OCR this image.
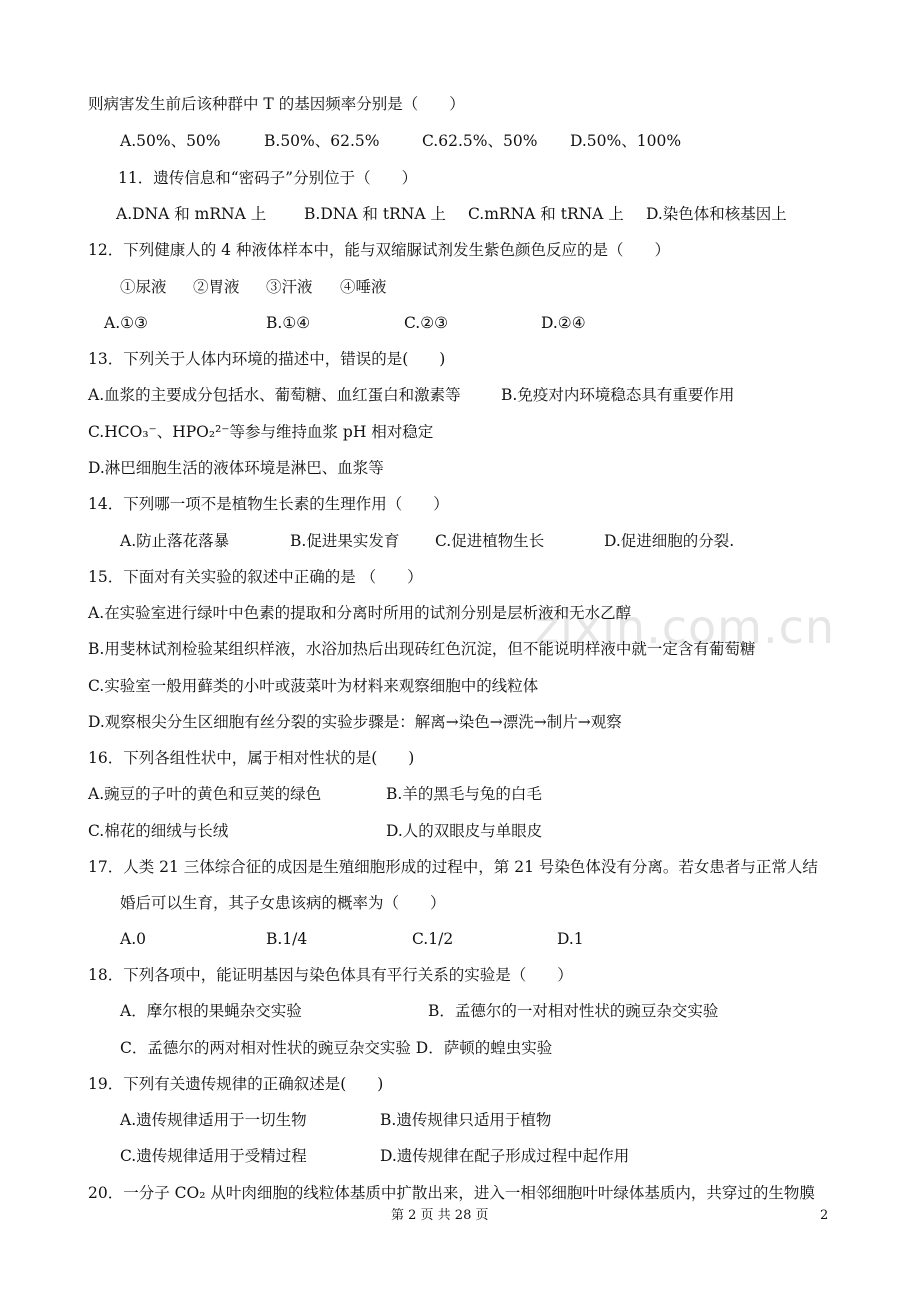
zixin.com.cn
则病害发生前后该种群中 T 的基因频率分别是（　　）
A.50%、50%	B.50%、62.5%	C.62.5%、50% D.50%、100%
11．遗传信息和“密码子”分别位于（　　）
A.DNA 和 mRNA 上 B.DNA 和 tRNA 上 C.mRNA 和 tRNA 上 D.染色体和核基因上
12．下列健康人的 4 种液体样本中，能与双缩脲试剂发生紫色颜色反应的是（　　）
①尿液 ②胃液 ③汗液 ④唾液
A.①③	B.①④	C.②③	D.②④
13．下列关于人体内环境的描述中，错误的是(　　)
A.血浆的主要成分包括水、葡萄糖、血红蛋白和激素等	B.免疫对内环境稳态具有重要作用
C.HCO₃⁻、HPO₂²⁻等参与维持血浆 pH 相对稳定
D.淋巴细胞生活的液体环境是淋巴、血浆等
14．下列哪一项不是植物生长素的生理作用（　　）
A.防止落花落暴	B.促进果实发育 C.促进植物生长	D.促进细胞的分裂.
15．下面对有关实验的叙述中正确的是 （　　）
A.在实验室进行绿叶中色素的提取和分离时所用的试剂分别是层析液和无水乙醇
B.用斐林试剂检验某组织样液，水浴加热后出现砖红色沉淀，但不能说明样液中就一定含有葡萄糖
C.实验室一般用藓类的小叶或菠菜叶为材料来观察细胞中的线粒体
D.观察根尖分生区细胞有丝分裂的实验步骤是：解离→染色→漂洗→制片→观察
16．下列各组性状中，属于相对性状的是(　　)
A.豌豆的子叶的黄色和豆荚的绿色	B.羊的黑毛与兔的白毛
C.棉花的细绒与长绒	D.人的双眼皮与单眼皮
17．人类 21 三体综合征的成因是生殖细胞形成的过程中，第 21 号染色体没有分离。若女患者与正常人结
婚后可以生育，其子女患该病的概率为（　　）
A.0	B.1/4	C.1/2	D.1
18．下列各项中，能证明基因与染色体具有平行关系的实验是（　　）
A．摩尔根的果蝇杂交实验	B．孟德尔的一对相对性状的豌豆杂交实验
C．孟德尔的两对相对性状的豌豆杂交实验 D．萨顿的蝗虫实验
19．下列有关遗传规律的正确叙述是(　　)
A.遗传规律适用于一切生物	B.遗传规律只适用于植物
C.遗传规律适用于受精过程	D.遗传规律在配子形成过程中起作用
20．一分子 CO₂ 从叶肉细胞的线粒体基质中扩散出来，进入一相邻细胞叶叶绿体基质内，共穿过的生物膜
第 2 页 共 28 页	2
